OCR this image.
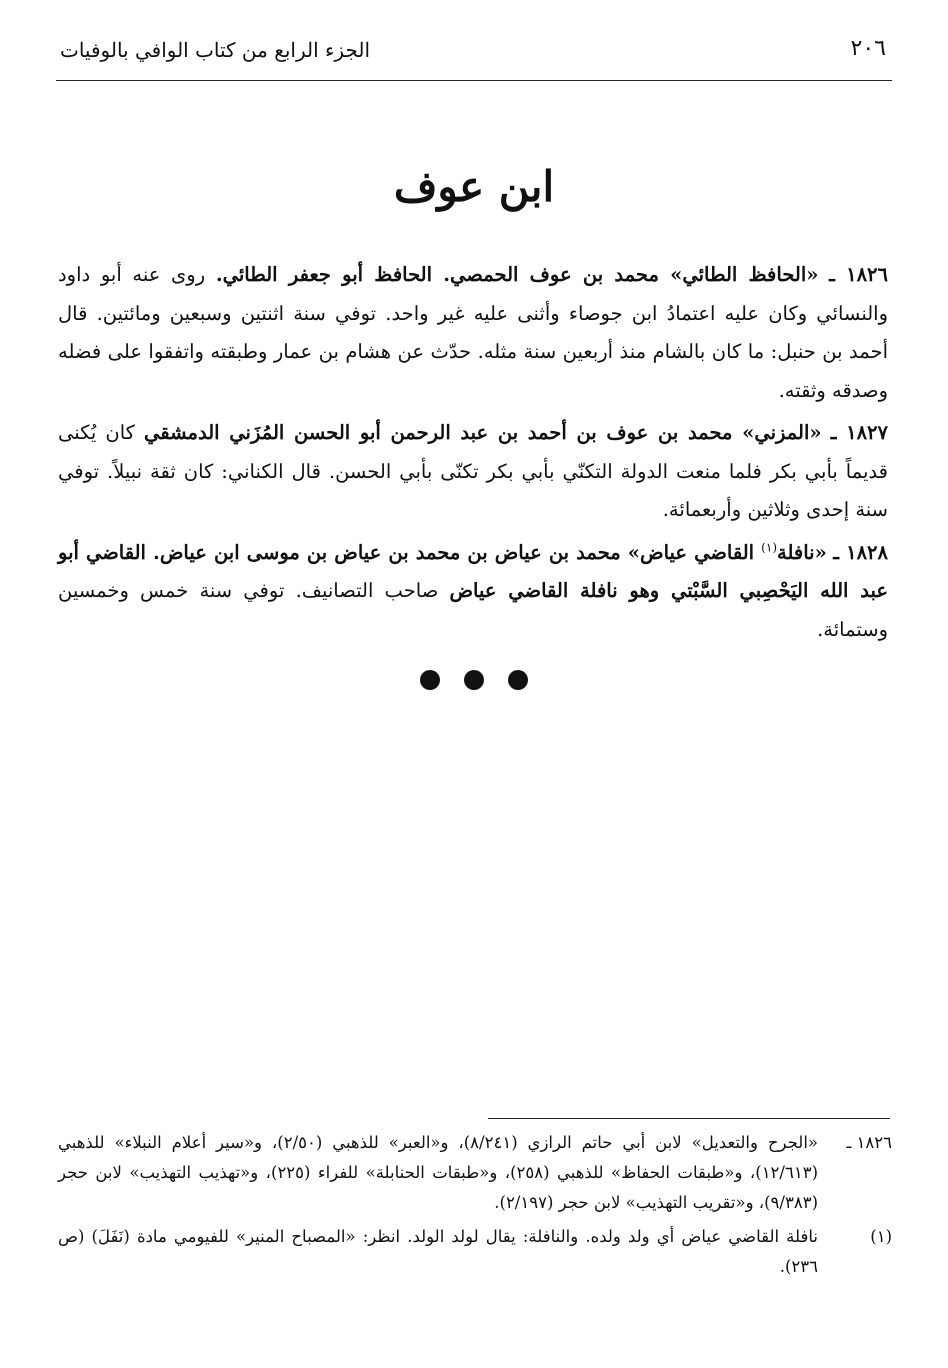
٢٠٦
الجزء الرابع من كتاب الوافي بالوفيات
ابن عوف

١٨٢٦ ـ «الحافظ الطائي» محمد بن عوف الحمصي. الحافظ أبو جعفر الطائي. روى عنه أبو داود والنسائي وكان عليه اعتمادُ ابن جوصاء وأثنى عليه غير واحد. توفي سنة اثنتين وسبعين ومائتين. قال أحمد بن حنبل: ما كان بالشام منذ أربعين سنة مثله. حدّث عن هشام بن عمار وطبقته واتفقوا على فضله وصدقه وثقته.

١٨٢٧ ـ «المزني» محمد بن عوف بن أحمد بن عبد الرحمن أبو الحسن المُزَني الدمشقي كان يُكنى قديماً بأبي بكر فلما منعت الدولة التكنّي بأبي بكر تكنّى بأبي الحسن. قال الكناني: كان ثقة نبيلاً. توفي سنة إحدى وثلاثين وأربعمائة.

١٨٢٨ ـ «نافلة$^{(١)}$ القاضي عياض» محمد بن عياض بن محمد بن عياض بن موسى ابن عياض. القاضي أبو عبد الله اليَحْصِبي السَّبْتي وهو نافلة القاضي عياض صاحب التصانيف. توفي سنة خمس وخمسين وستمائة.

١٨٢٦ ـ
«الجرح والتعديل» لابن أبي حاتم الرازي (٨/٢٤١)، و«العبر» للذهبي (٢/٥٠)، و«سير أعلام النبلاء» للذهبي (١٢/٦١٣)، و«طبقات الحفاظ» للذهبي (٢٥٨)، و«طبقات الحنابلة» للفراء (٢٢٥)، و«تهذيب التهذيب» لابن حجر (٩/٣٨٣)، و«تقريب التهذيب» لابن حجر (٢/١٩٧).
(١)
نافلة القاضي عياض أي ولد ولده. والنافلة: يقال لولد الولد. انظر: «المصباح المنير» للفيومي مادة (نَفَلَ) (ص ٢٣٦).
